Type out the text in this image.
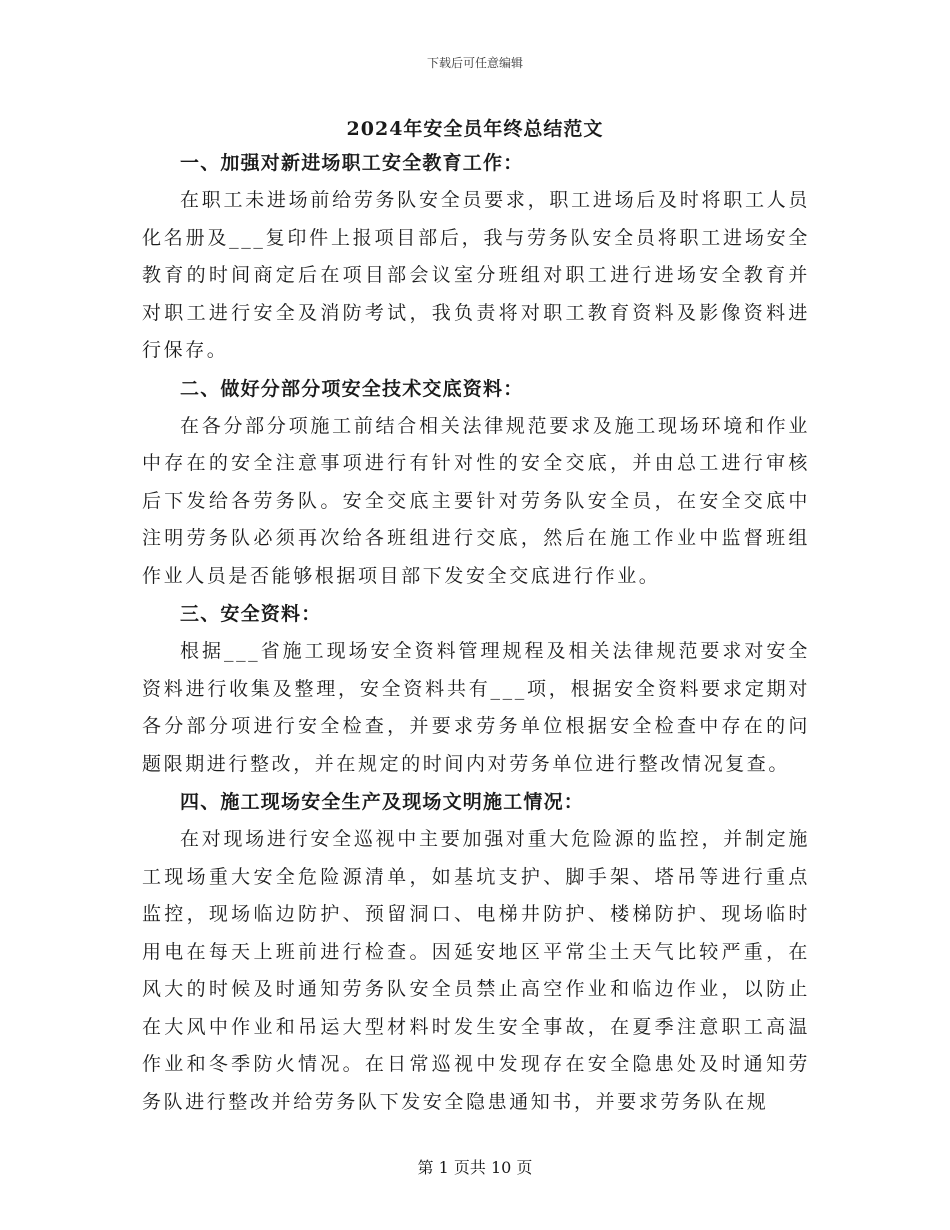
下载后可任意编辑
2024年安全员年终总结范文
一、加强对新进场职工安全教育工作：

在职工未进场前给劳务队安全员要求，职工进场后及时将职工人员化名册及___复印件上报项目部后，我与劳务队安全员将职工进场安全教育的时间商定后在项目部会议室分班组对职工进行进场安全教育并对职工进行安全及消防考试，我负责将对职工教育资料及影像资料进行保存。

二、做好分部分项安全技术交底资料：

在各分部分项施工前结合相关法律规范要求及施工现场环境和作业中存在的安全注意事项进行有针对性的安全交底，并由总工进行审核后下发给各劳务队。安全交底主要针对劳务队安全员，在安全交底中注明劳务队必须再次给各班组进行交底，然后在施工作业中监督班组作业人员是否能够根据项目部下发安全交底进行作业。

三、安全资料：

根据___省施工现场安全资料管理规程及相关法律规范要求对安全资料进行收集及整理，安全资料共有___项，根据安全资料要求定期对各分部分项进行安全检查，并要求劳务单位根据安全检查中存在的问题限期进行整改，并在规定的时间内对劳务单位进行整改情况复查。

四、施工现场安全生产及现场文明施工情况：

在对现场进行安全巡视中主要加强对重大危险源的监控，并制定施工现场重大安全危险源清单，如基坑支护、脚手架、塔吊等进行重点监控，现场临边防护、预留洞口、电梯井防护、楼梯防护、现场临时用电在每天上班前进行检查。因延安地区平常尘土天气比较严重，在风大的时候及时通知劳务队安全员禁止高空作业和临边作业，以防止在大风中作业和吊运大型材料时发生安全事故，在夏季注意职工高温作业和冬季防火情况。在日常巡视中发现存在安全隐患处及时通知劳务队进行整改并给劳务队下发安全隐患通知书，并要求劳务队在规

第 1 页共 10 页
